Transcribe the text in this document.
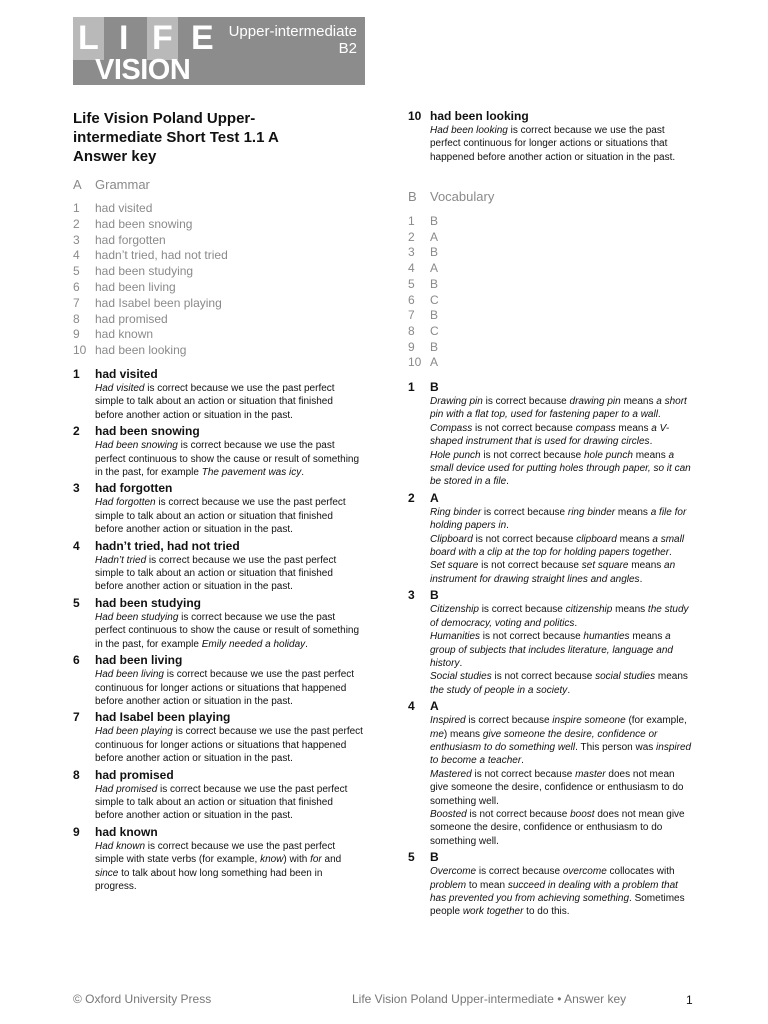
L I F E
VISION
Upper-intermediate
B2
Life Vision Poland Upper-intermediate Short Test 1.1 A Answer key
A Grammar
1	had visited
2	had been snowing
3	had forgotten
4	hadn’t tried, had not tried
5	had been studying
6	had been living
7	had Isabel been playing
8	had promised
9	had known
10 had been looking
1 had visited
Had visited is correct because we use the past perfect simple to talk about an action or situation that finished before another action or situation in the past.
2 had been snowing
Had been snowing is correct because we use the past perfect continuous to show the cause or result of something in the past, for example The pavement was icy.
3 had forgotten
Had forgotten is correct because we use the past perfect simple to talk about an action or situation that finished before another action or situation in the past.
4 hadn’t tried, had not tried
Hadn’t tried is correct because we use the past perfect simple to talk about an action or situation that finished before another action or situation in the past.
5 had been studying
Had been studying is correct because we use the past perfect continuous to show the cause or result of something in the past, for example Emily needed a holiday.
6 had been living
Had been living is correct because we use the past perfect continuous for longer actions or situations that happened before another action or situation in the past.
7 had Isabel been playing
Had been playing is correct because we use the past perfect continuous for longer actions or situations that happened before another action or situation in the past.
8 had promised
Had promised is correct because we use the past perfect simple to talk about an action or situation that finished before another action or situation in the past.
9 had known
Had known is correct because we use the past perfect simple with state verbs (for example, know) with for and since to talk about how long something had been in progress.
10 had been looking
Had been looking is correct because we use the past perfect continuous for longer actions or situations that happened before another action or situation in the past.
B Vocabulary
1	B
2	A
3	B
4	A
5	B
6	C
7	B
8	C
9	B
10 A
1 B

Drawing pin is correct because drawing pin means a short pin with a flat top, used for fastening paper to a wall.

Compass is not correct because compass means a V-shaped instrument that is used for drawing circles.

Hole punch is not correct because hole punch means a small device used for putting holes through paper, so it can be stored in a file.

2 A

Ring binder is correct because ring binder means a file for holding papers in.

Clipboard is not correct because clipboard means a small board with a clip at the top for holding papers together.

Set square is not correct because set square means an instrument for drawing straight lines and angles.

3 B

Citizenship is correct because citizenship means the study of democracy, voting and politics.

Humanities is not correct because humanties means a group of subjects that includes literature, language and history.

Social studies is not correct because social studies means the study of people in a society.

4 A

Inspired is correct because inspire someone (for example, me) means give someone the desire, confidence or enthusiasm to do something well. This person was inspired to become a teacher.

Mastered is not correct because master does not mean give someone the desire, confidence or enthusiasm to do something well.

Boosted is not correct because boost does not mean give someone the desire, confidence or enthusiasm to do something well.

5 B

Overcome is correct because overcome collocates with problem to mean succeed in dealing with a problem that has prevented you from achieving something. Sometimes people work together to do this.

© Oxford University Press	Life Vision Poland Upper-intermediate • Answer key	1
